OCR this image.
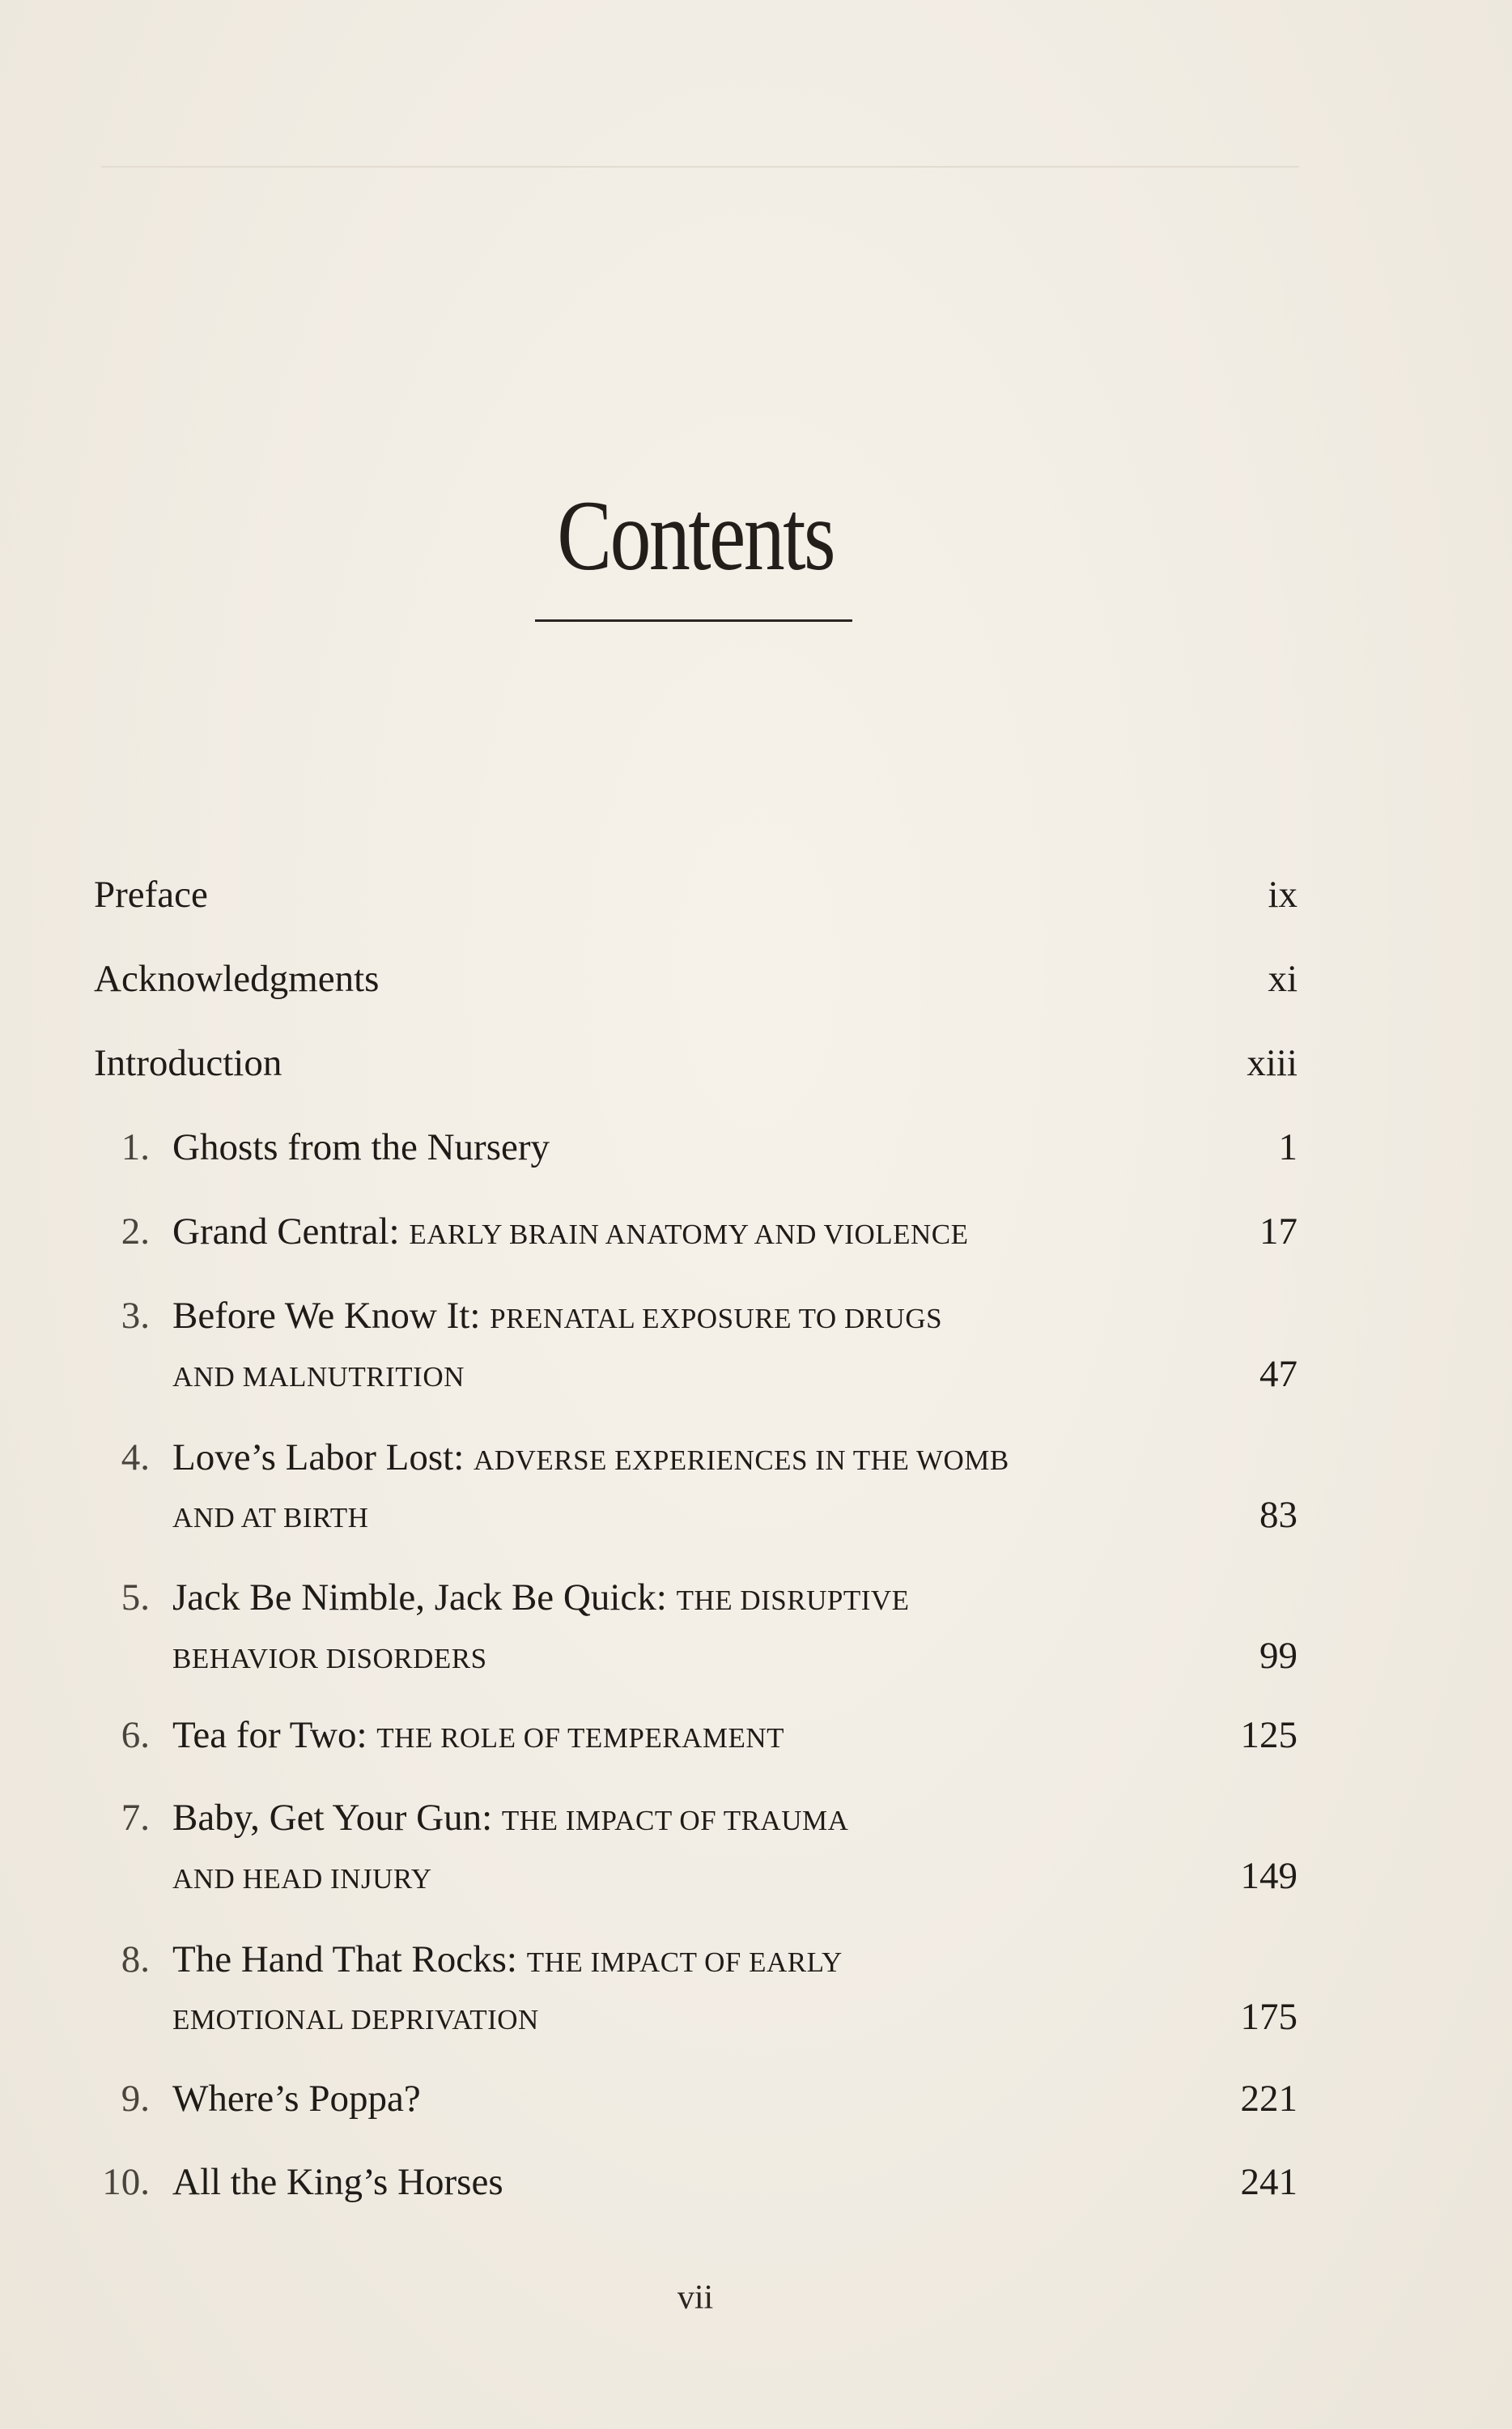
Contents
Preface	ix
Acknowledgments	xi
Introduction	xiii
1. Ghosts from the Nursery	1
2. Grand Central: EARLY BRAIN ANATOMY AND VIOLENCE	17
3. Before We Know It: PRENATAL EXPOSURE TO DRUGS
AND MALNUTRITION	47
4. Love’s Labor Lost: ADVERSE EXPERIENCES IN THE WOMB
AND AT BIRTH	83
5. Jack Be Nimble, Jack Be Quick: THE DISRUPTIVE
BEHAVIOR DISORDERS	99
6. Tea for Two: THE ROLE OF TEMPERAMENT	125
7. Baby, Get Your Gun: THE IMPACT OF TRAUMA
AND HEAD INJURY	149
8. The Hand That Rocks: THE IMPACT OF EARLY
EMOTIONAL DEPRIVATION	175
9. Where’s Poppa?	221
10. All the King’s Horses	241
vii
